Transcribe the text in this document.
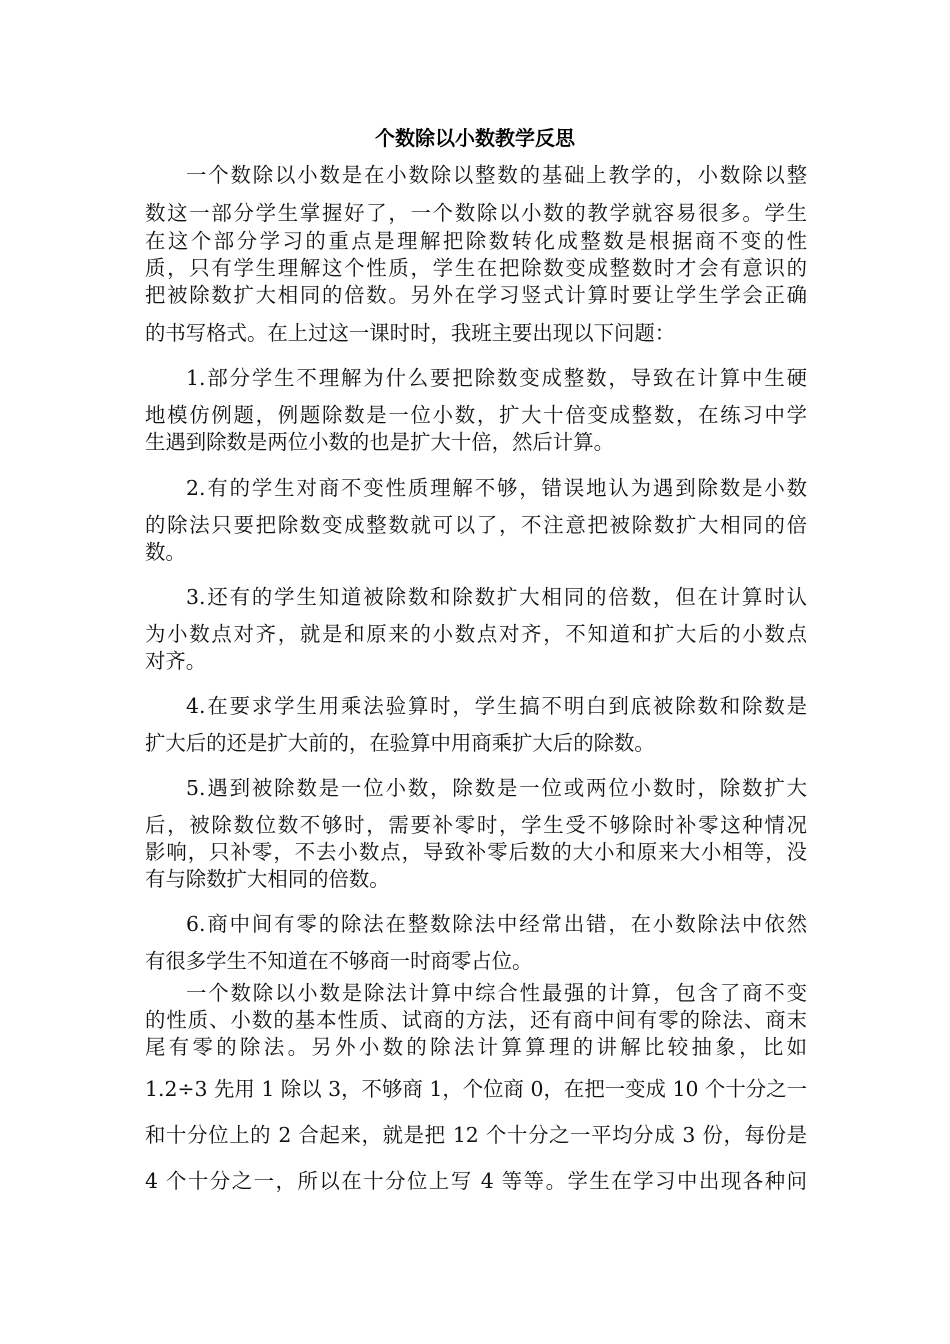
个数除以小数教学反思
一个数除以小数是在小数除以整数的基础上教学的，小数除以整
数这一部分学生掌握好了，一个数除以小数的教学就容易很多。学生
在这个部分学习的重点是理解把除数转化成整数是根据商不变的性
质，只有学生理解这个性质，学生在把除数变成整数时才会有意识的
把被除数扩大相同的倍数。另外在学习竖式计算时要让学生学会正确
的书写格式。在上过这一课时时，我班主要出现以下问题：
1.部分学生不理解为什么要把除数变成整数，导致在计算中生硬
地模仿例题，例题除数是一位小数，扩大十倍变成整数，在练习中学
生遇到除数是两位小数的也是扩大十倍，然后计算。
2.有的学生对商不变性质理解不够，错误地认为遇到除数是小数
的除法只要把除数变成整数就可以了，不注意把被除数扩大相同的倍
数。
3.还有的学生知道被除数和除数扩大相同的倍数，但在计算时认
为小数点对齐，就是和原来的小数点对齐，不知道和扩大后的小数点
对齐。
4.在要求学生用乘法验算时，学生搞不明白到底被除数和除数是
扩大后的还是扩大前的，在验算中用商乘扩大后的除数。
5.遇到被除数是一位小数，除数是一位或两位小数时，除数扩大
后，被除数位数不够时，需要补零时，学生受不够除时补零这种情况
影响，只补零，不去小数点，导致补零后数的大小和原来大小相等，没
有与除数扩大相同的倍数。
6.商中间有零的除法在整数除法中经常出错，在小数除法中依然
有很多学生不知道在不够商一时商零占位。
一个数除以小数是除法计算中综合性最强的计算，包含了商不变
的性质、小数的基本性质、试商的方法，还有商中间有零的除法、商末
尾有零的除法。另外小数的除法计算算理的讲解比较抽象，比如
1.2÷3 先用 1 除以 3，不够商 1，个位商 0，在把一变成 10 个十分之一
和十分位上的 2 合起来，就是把 12 个十分之一平均分成 3 份，每份是
4 个十分之一，所以在十分位上写 4 等等。学生在学习中出现各种问
